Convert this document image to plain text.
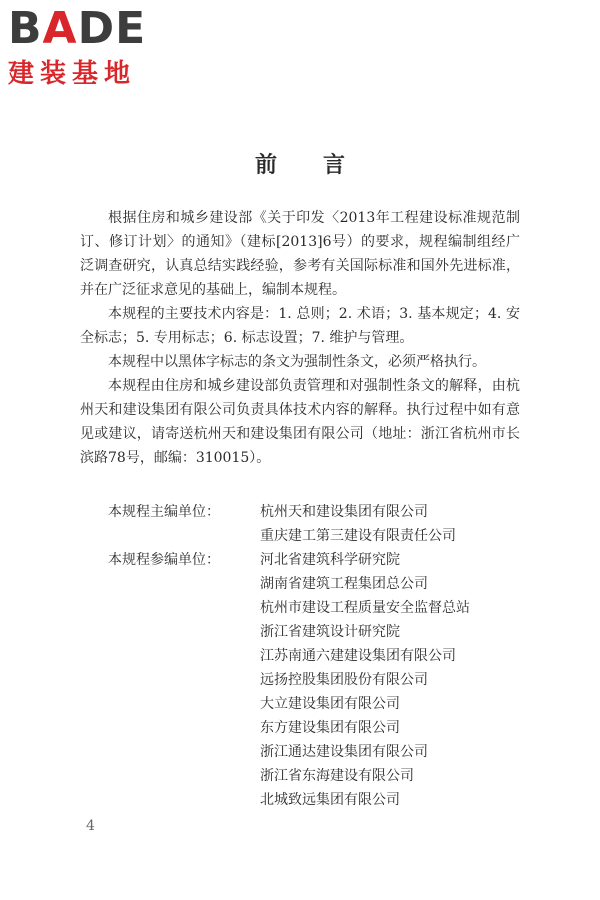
BADE
建装基地
前言

根据住房和城乡建设部《关于印发〈2013年工程建设标准规范制订、修订计划〉的通知》（建标[2013]6号）的要求，规程编制组经广泛调查研究，认真总结实践经验，参考有关国际标准和国外先进标准，并在广泛征求意见的基础上，编制本规程。

本规程的主要技术内容是：1. 总则；2. 术语；3. 基本规定；4. 安全标志；5. 专用标志；6. 标志设置；7. 维护与管理。

本规程中以黑体字标志的条文为强制性条文，必须严格执行。

本规程由住房和城乡建设部负责管理和对强制性条文的解释，由杭州天和建设集团有限公司负责具体技术内容的解释。执行过程中如有意见或建议，请寄送杭州天和建设集团有限公司（地址：浙江省杭州市长滨路78号，邮编：310015）。

本规程主编单位：	杭州天和建设集团有限公司
重庆建工第三建设有限责任公司
本规程参编单位：	河北省建筑科学研究院
湖南省建筑工程集团总公司
杭州市建设工程质量安全监督总站
浙江省建筑设计研究院
江苏南通六建建设集团有限公司
远扬控股集团股份有限公司
大立建设集团有限公司
东方建设集团有限公司
浙江通达建设集团有限公司
浙江省东海建设有限公司
北城致远集团有限公司
4
